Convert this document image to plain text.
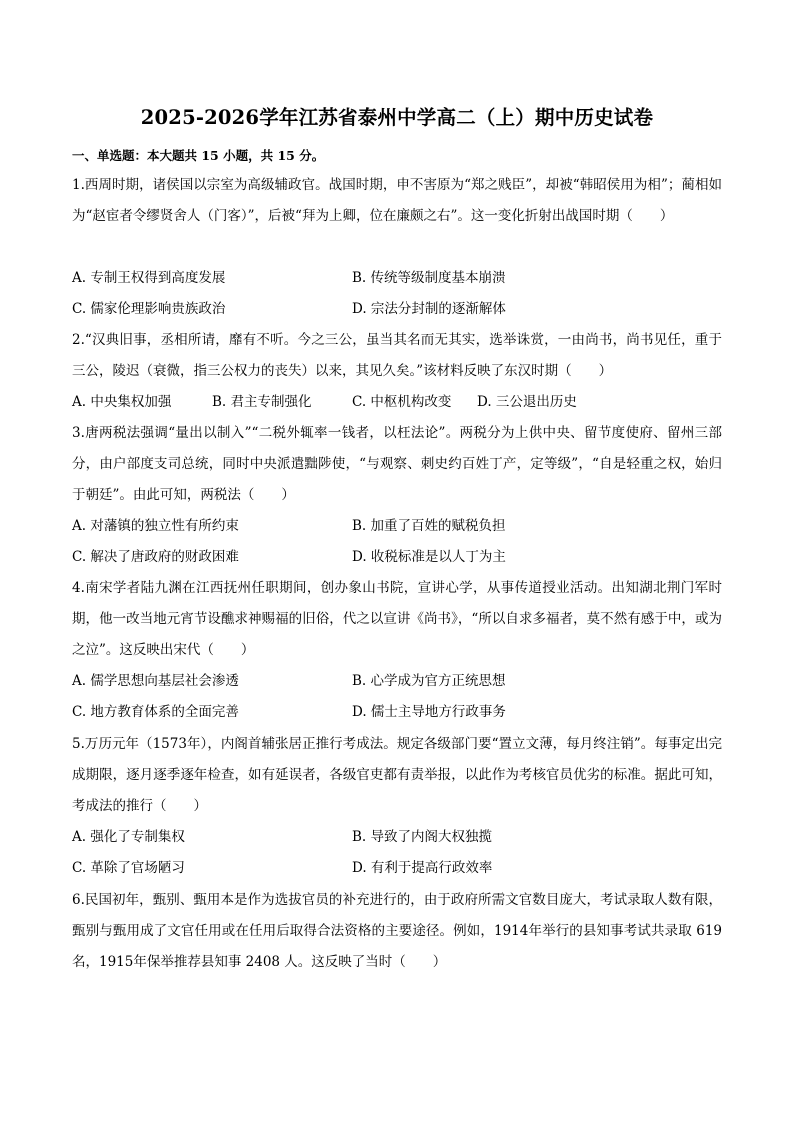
2025-2026学年江苏省泰州中学高二（上）期中历史试卷
一、单选题：本大题共 15 小题，共 15 分。
1.西周时期，诸侯国以宗室为高级辅政官。战国时期，申不害原为“郑之贱臣”，却被“韩昭侯用为相”；蔺相如为“赵宦者令缪贤舍人（门客）”，后被“拜为上卿，位在廉颇之右”。这一变化折射出战国时期（　　）
A. 专制王权得到高度发展	B. 传统等级制度基本崩溃
C. 儒家伦理影响贵族政治	D. 宗法分封制的逐渐解体
2.“汉典旧事，丞相所请，靡有不听。今之三公，虽当其名而无其实，选举诛赏，一由尚书，尚书见任，重于三公，陵迟（衰微，指三公权力的丧失）以来，其见久矣。”该材料反映了东汉时期（　　）
A. 中央集权加强	B. 君主专制强化	C. 中枢机构改变 D. 三公退出历史
3.唐两税法强调“量出以制入”“二税外辄率一钱者，以枉法论”。两税分为上供中央、留节度使府、留州三部分，由户部度支司总统，同时中央派遣黜陟使，“与观察、刺史约百姓丁产，定等级”，“自是轻重之权，始归于朝廷”。由此可知，两税法（　　）
A. 对藩镇的独立性有所约束	B. 加重了百姓的赋税负担
C. 解决了唐政府的财政困难	D. 收税标准是以人丁为主
4.南宋学者陆九渊在江西抚州任职期间，创办象山书院，宣讲心学，从事传道授业活动。出知湖北荆门军时期，他一改当地元宵节设醮求神赐福的旧俗，代之以宣讲《尚书》，“所以自求多福者，莫不然有感于中，或为之泣”。这反映出宋代（　　）
A. 儒学思想向基层社会渗透	B. 心学成为官方正统思想
C. 地方教育体系的全面完善	D. 儒士主导地方行政事务
5.万历元年（1573年），内阁首辅张居正推行考成法。规定各级部门要“置立文薄，每月终注销”。每事定出完成期限，逐月逐季逐年检查，如有延误者，各级官吏都有责举报，以此作为考核官员优劣的标准。据此可知，考成法的推行（　　）
A. 强化了专制集权	B. 导致了内阁大权独揽
C. 革除了官场陋习	D. 有利于提高行政效率
6.民国初年，甄别、甄用本是作为选拔官员的补充进行的，由于政府所需文官数目庞大，考试录取人数有限，甄别与甄用成了文官任用或在任用后取得合法资格的主要途径。例如，1914年举行的县知事考试共录取 619 名，1915年保举推荐县知事 2408 人。这反映了当时（　　）
